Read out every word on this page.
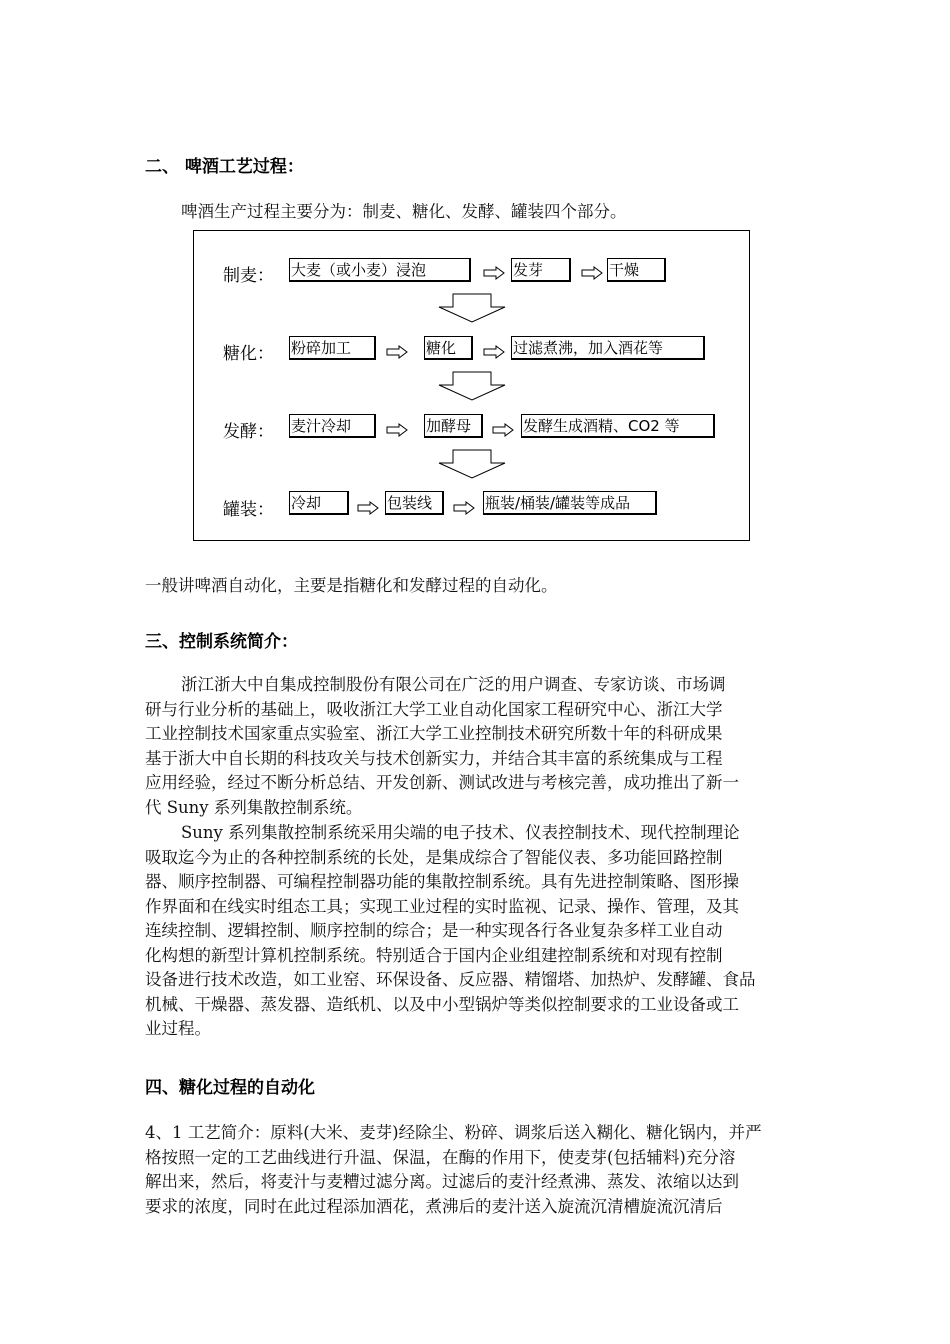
二、 啤酒工艺过程：
啤酒生产过程主要分为：制麦、糖化、发酵、罐装四个部分。
制麦： 大麦（或小麦）浸泡	发芽	干燥
糖化： 粉碎加工	糖化	过滤煮沸，加入酒花等
发酵： 麦汁冷却	加酵母	发酵生成酒精、CO2 等
罐装： 冷却	包装线	瓶装/桶装/罐装等成品
一般讲啤酒自动化，主要是指糖化和发酵过程的自动化。
三、控制系统简介：
浙江浙大中自集成控制股份有限公司在广泛的用户调查、专家访谈、市场调
研与行业分析的基础上，吸收浙江大学工业自动化国家工程研究中心、浙江大学
工业控制技术国家重点实验室、浙江大学工业控制技术研究所数十年的科研成果
基于浙大中自长期的科技攻关与技术创新实力，并结合其丰富的系统集成与工程
应用经验，经过不断分析总结、开发创新、测试改进与考核完善，成功推出了新一
代 Suny 系列集散控制系统。
Suny 系列集散控制系统采用尖端的电子技术、仪表控制技术、现代控制理论
吸取迄今为止的各种控制系统的长处，是集成综合了智能仪表、多功能回路控制
器、顺序控制器、可编程控制器功能的集散控制系统。具有先进控制策略、图形操
作界面和在线实时组态工具；实现工业过程的实时监视、记录、操作、管理，及其
连续控制、逻辑控制、顺序控制的综合；是一种实现各行各业复杂多样工业自动
化构想的新型计算机控制系统。特别适合于国内企业组建控制系统和对现有控制
设备进行技术改造，如工业窑、环保设备、反应器、精馏塔、加热炉、发酵罐、食品
机械、干燥器、蒸发器、造纸机、以及中小型锅炉等类似控制要求的工业设备或工
业过程。
四、糖化过程的自动化
4、1 工艺简介：原料(大米、麦芽)经除尘、粉碎、调浆后送入糊化、糖化锅内，并严
格按照一定的工艺曲线进行升温、保温，在酶的作用下，使麦芽(包括辅料)充分溶
解出来，然后，将麦汁与麦糟过滤分离。过滤后的麦汁经煮沸、蒸发、浓缩以达到
要求的浓度，同时在此过程添加酒花，煮沸后的麦汁送入旋流沉清槽旋流沉清后
